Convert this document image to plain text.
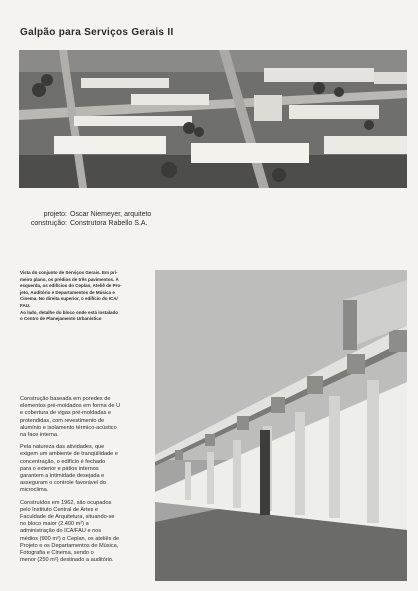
Galpão para Serviços Gerais II
projeto: Oscar Niemeyer, arquiteto
construção: Construtora Rabello S.A.
Vista do conjunto de Serviços Gerais. Em pri-
meiro plano, os prédios de três pavimentos. À
esquerda, os edifícios do Ceplan, Ateliê de Pro-
jeto, Auditório e Departamentos de Música e
Cinema. No direita superior, o edifício do ICA/
FAU.
Ao lado, detalhe do bloco onde está instalado
o Centro de Planejamento Urbanístico

Construção baseada em poredes de
elementos pré-moldados em forma de U
e cobertura de vigas pré-moldadas e
protendidas, com revestimento de
alumínio e isolamento térmico-acústico
na face interna.

Pela natureza das atividades, que
exigem um ambiente de tranqüilidade e
concentração, o edifício é fechado
para o exterior e pátios internos
garantem a intimidade desejada e
asseguram o controle favorável do
microclima.

Construídos em 1962, são ocupados
pelo Instituto Central de Artes e
Faculdade de Arquitetura, situando-se
no bloco maior (2.400 m²) a
administração do ICA/FAU e nos
médios (900 m²) o Ceplan, os ateliês de
Projeto e os Departamentos de Música,
Fotografia e Cinema, sendo o
menor (250 m²) destinado a auditório.
